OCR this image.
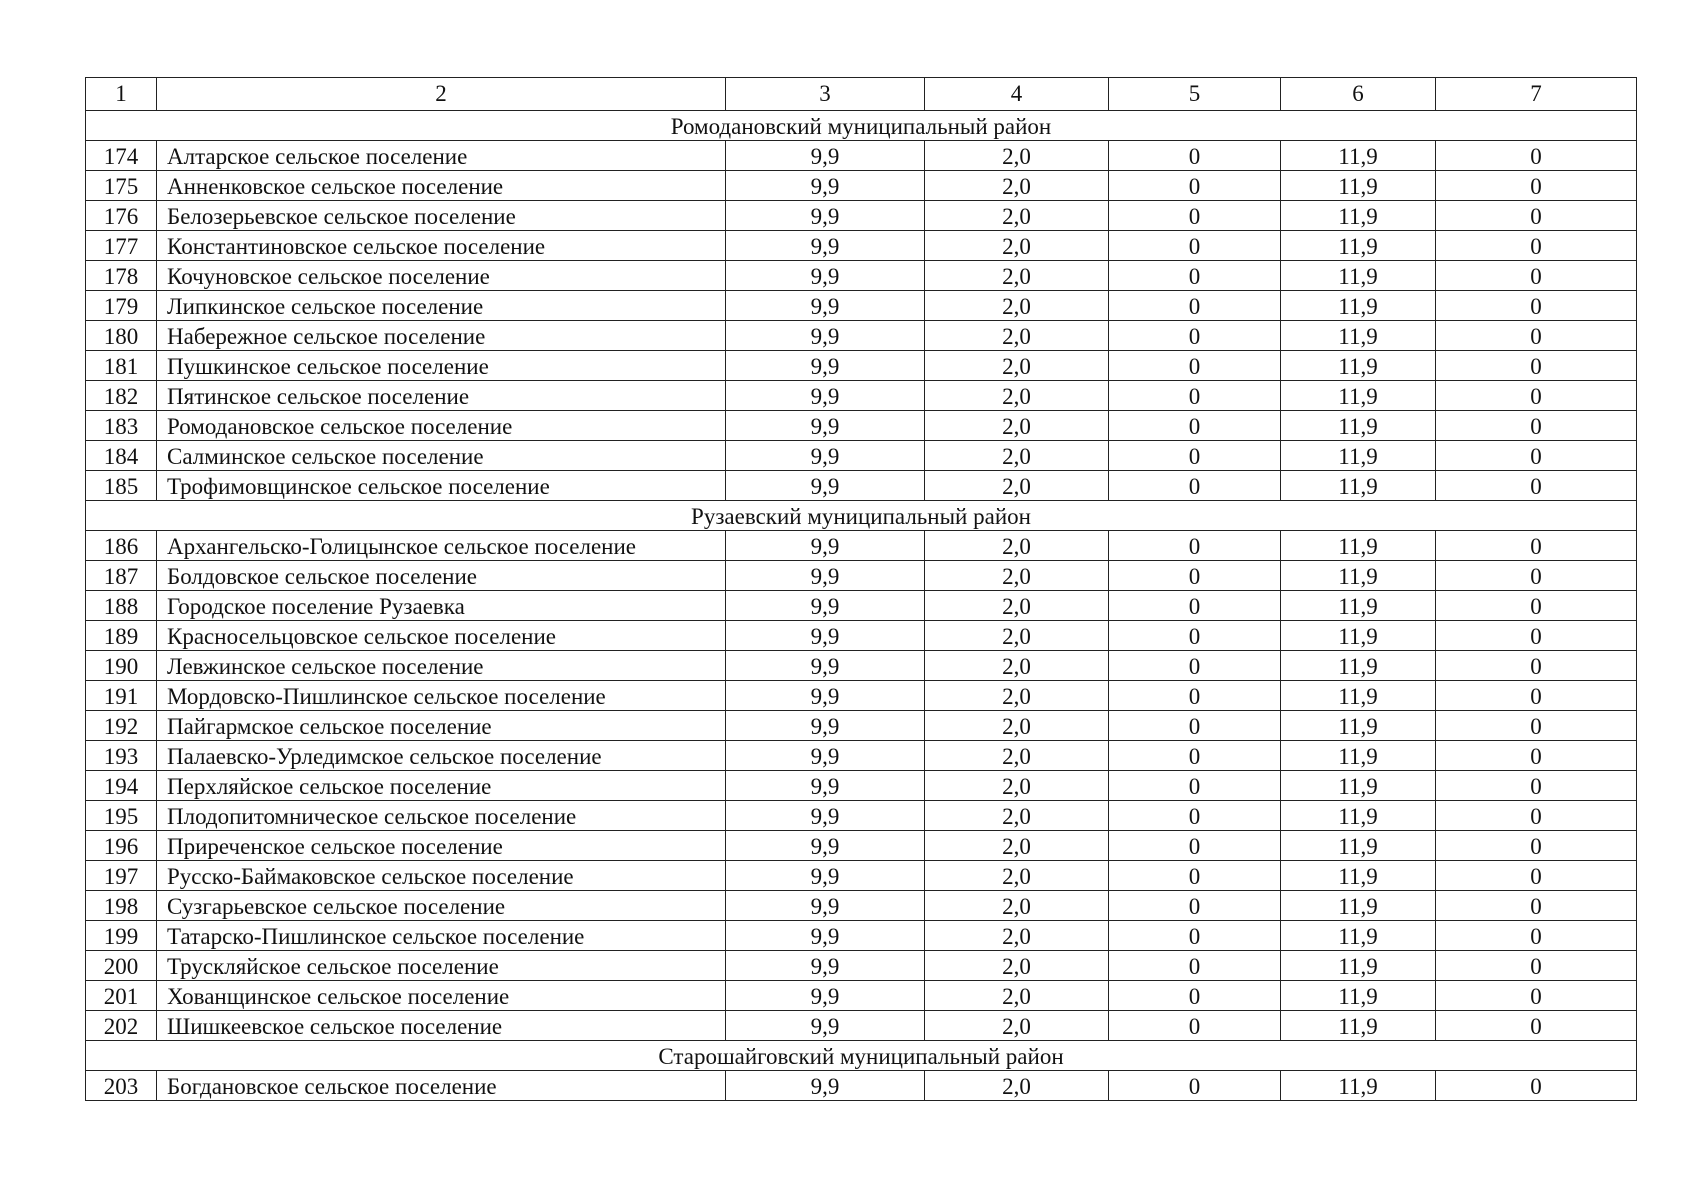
1	2	3	4	5	6	7
Ромодановский муниципальный район						
174	Алтарское сельское поселение	9,9	2,0	0	11,9	0
175	Анненковское сельское поселение	9,9	2,0	0	11,9	0
176	Белозерьевское сельское поселение	9,9	2,0	0	11,9	0
177	Константиновское сельское поселение	9,9	2,0	0	11,9	0
178	Кочуновское сельское поселение	9,9	2,0	0	11,9	0
179	Липкинское сельское поселение	9,9	2,0	0	11,9	0
180	Набережное сельское поселение	9,9	2,0	0	11,9	0
181	Пушкинское сельское поселение	9,9	2,0	0	11,9	0
182	Пятинское сельское поселение	9,9	2,0	0	11,9	0
183	Ромодановское сельское поселение	9,9	2,0	0	11,9	0
184	Салминское сельское поселение	9,9	2,0	0	11,9	0
185	Трофимовщинское сельское поселение	9,9	2,0	0	11,9	0
Рузаевский муниципальный район						
186	Архангельско-Голицынское сельское поселение	9,9	2,0	0	11,9	0
187	Болдовское сельское поселение	9,9	2,0	0	11,9	0
188	Городское поселение Рузаевка	9,9	2,0	0	11,9	0
189	Красносельцовское сельское поселение	9,9	2,0	0	11,9	0
190	Левжинское сельское поселение	9,9	2,0	0	11,9	0
191	Мордовско-Пишлинское сельское поселение	9,9	2,0	0	11,9	0
192	Пайгармское сельское поселение	9,9	2,0	0	11,9	0
193	Палаевско-Урледимское сельское поселение	9,9	2,0	0	11,9	0
194	Перхляйское сельское поселение	9,9	2,0	0	11,9	0
195	Плодопитомническое сельское поселение	9,9	2,0	0	11,9	0
196	Приреченское сельское поселение	9,9	2,0	0	11,9	0
197	Русско-Баймаковское сельское поселение	9,9	2,0	0	11,9	0
198	Сузгарьевское сельское поселение	9,9	2,0	0	11,9	0
199	Татарско-Пишлинское сельское поселение	9,9	2,0	0	11,9	0
200	Трускляйское сельское поселение	9,9	2,0	0	11,9	0
201	Хованщинское сельское поселение	9,9	2,0	0	11,9	0
202	Шишкеевское сельское поселение	9,9	2,0	0	11,9	0
Старошайговский муниципальный район						
203	Богдановское сельское поселение	9,9	2,0	0	11,9	0
